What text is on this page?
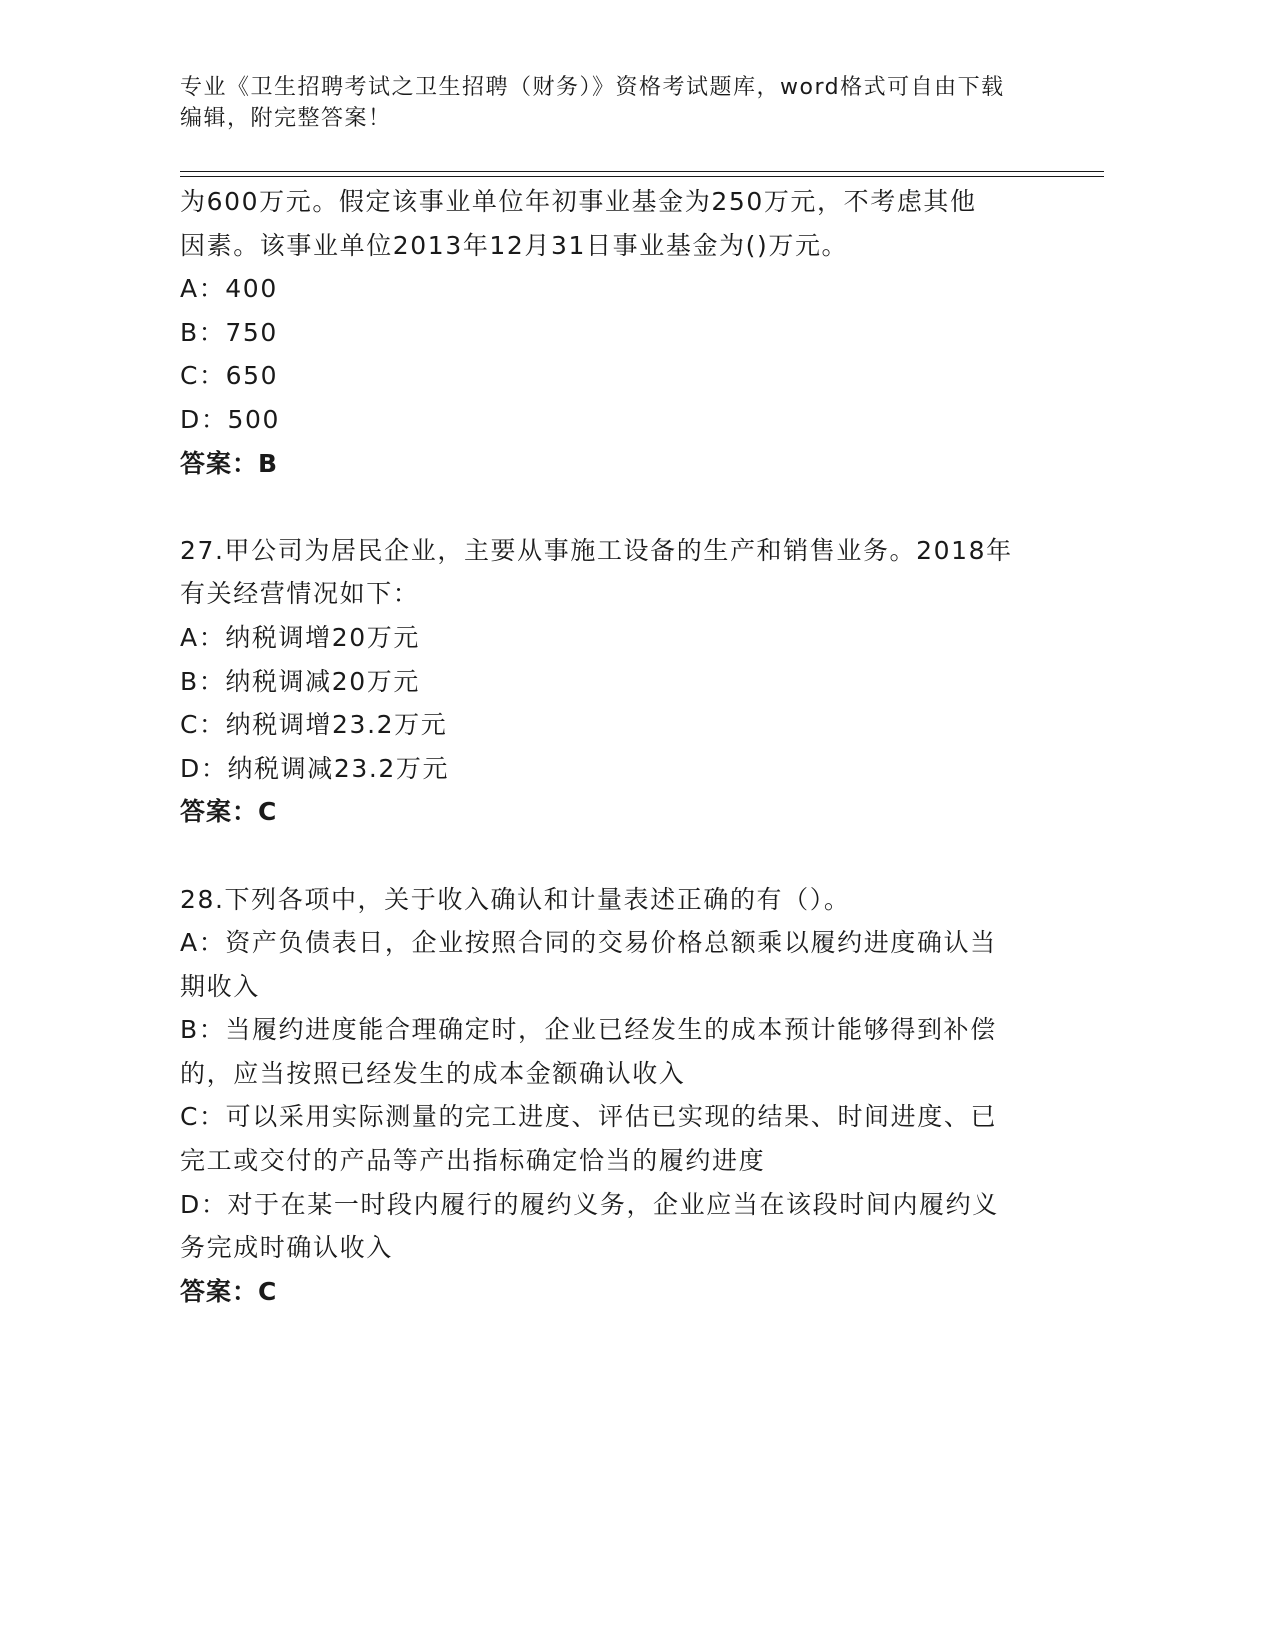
专业《卫生招聘考试之卫生招聘（财务）》资格考试题库，word格式可自由下载
编辑，附完整答案！
为600万元。假定该事业单位年初事业基金为250万元，不考虑其他
因素。该事业单位2013年12月31日事业基金为()万元。
A：400
B：750
C：650
D：500
答案：B
27.甲公司为居民企业，主要从事施工设备的生产和销售业务。2018年
有关经营情况如下：
A：纳税调增20万元
B：纳税调减20万元
C：纳税调增23.2万元
D：纳税调减23.2万元
答案：C
28.下列各项中，关于收入确认和计量表述正确的有（）。
A：资产负债表日，企业按照合同的交易价格总额乘以履约进度确认当
期收入
B：当履约进度能合理确定时，企业已经发生的成本预计能够得到补偿
的，应当按照已经发生的成本金额确认收入
C：可以采用实际测量的完工进度、评估已实现的结果、时间进度、已
完工或交付的产品等产出指标确定恰当的履约进度
D：对于在某一时段内履行的履约义务，企业应当在该段时间内履约义
务完成时确认收入
答案：C
